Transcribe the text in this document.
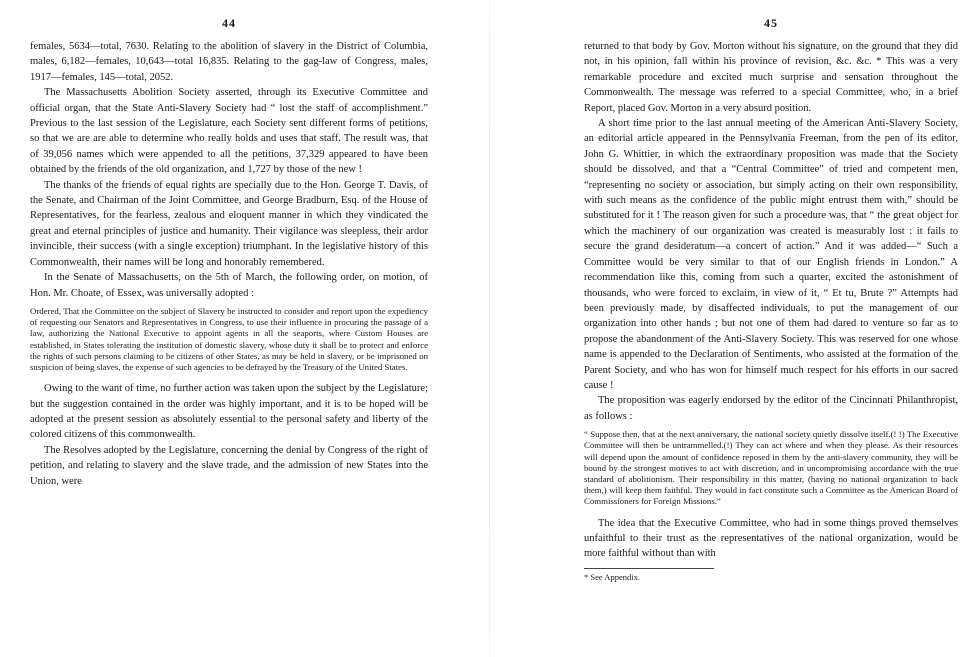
44

females, 5634—total, 7630. Relating to the abolition of slavery in the District of Columbia, males, 6,182—females, 10,643—total 16,835. Relating to the gag-law of Congress, males, 1917—females, 145—total, 2052.

The Massachusetts Abolition Society asserted, through its Executive Committee and official organ, that the State Anti-Slavery Society had “ lost the staff of accomplishment.” Previous to the last session of the Legislature, each Society sent different forms of petitions, so that we are are able to determine who really holds and uses that staff. The result was, that of 39,056 names which were appended to all the petitions, 37,329 appeared to have been obtained by the friends of the old organization, and 1,727 by those of the new !

The thanks of the friends of equal rights are specially due to the Hon. George T. Davis, of the Senate, and Chairman of the Joint Committee, and George Bradburn, Esq. of the House of Representatives, for the fearless, zealous and eloquent manner in which they vindicated the great and eternal principles of justice and humanity. Their vigilance was sleepless, their ardor invincible, their success (with a single exception) triumphant. In the legislative history of this Commonwealth, their names will be long and honorably remembered.

In the Senate of Massachusetts, on the 5th of March, the following order, on motion, of Hon. Mr. Choate, of Essex, was universally adopted :

Ordered, That the Committee on the subject of Slavery be instructed to consider and report upon the expediency of requesting our Senators and Representatives in Congress, to use their influence in procuring the passage of a law, authorizing the National Executive to appoint agents in all the seaports, where Custom Houses are established, in States tolerating the institution of domestic slavery, whose duty it shall be to protect and enforce the rights of such persons claiming to be citizens of other States, as may be held in slavery, or be imprisoned on suspicion of being slaves, the expense of such agencies to be defrayed by the Treasury of the United States.

Owing to the want of time, no further action was taken upon the subject by the Legislature; but the suggestion contained in the order was highly important, and it is to be hoped will be adopted at the present session as absolutely essential to the personal safety and liberty of the colored citizens of this commonwealth.

The Resolves adopted by the Legislature, concerning the denial by Congress of the right of petition, and relating to slavery and the slave trade, and the admission of new States into the Union, were

45

returned to that body by Gov. Morton without his signature, on the ground that they did not, in his opinion, fall within his province of revision, &c. &c. * This was a very remarkable procedure and excited much surprise and sensation throughout the Commonwealth. The message was referred to a special Committee, who, in a brief Report, placed Gov. Morton in a very absurd position.

A short time prior to the last annual meeting of the American Anti-Slavery Society, an editorial article appeared in the Pennsylvania Freeman, from the pen of its editor, John G. Whittier, in which the extraordinary proposition was made that the Society should be dissolved, and that a “Central Committee” of tried and competent men, “representing no society or association, but simply acting on their own responsibility, with such means as the confidence of the public might entrust them with,” should be substituted for it ! The reason given for such a procedure was, that “ the great object for which the machinery of our organization was created is measurably lost : it fails to secure the grand desideratum—a concert of action.” And it was added—“ Such a Committee would be very similar to that of our English friends in London.” A recommendation like this, coming from such a quarter, excited the astonishment of thousands, who were forced to exclaim, in view of it, “ Et tu, Brute ?” Attempts had been previously made, by disaffected individuals, to put the management of our organization into other hands ; but not one of them had dared to venture so far as to propose the abandonment of the Anti-Slavery Society. This was reserved for one whose name is appended to the Declaration of Sentiments, who assisted at the formation of the Parent Society, and who has won for himself much respect for his efforts in our sacred cause !

The proposition was eagerly endorsed by the editor of the Cincinnati Philanthropist, as follows :

“ Suppose then, that at the next anniversary, the national society quietly dissolve itself.(! !) The Executive Committee will then be untrammelled.(!) They can act where and when they please. As their resources will depend upon the amount of confidence reposed in them by the anti-slavery community, they will be bound by the strongest motives to act with discretion, and in uncompromising accordance with the true standard of abolitionism. Their responsibility in this matter, (having no national organization to back them,) will keep them faithful. They would in fact constitute such a Committee as the American Board of Commissioners for Foreign Missions.”

The idea that the Executive Committee, who had in some things proved themselves unfaithful to their trust as the representatives of the national organization, would be more faithful without than with

* See Appendix.
